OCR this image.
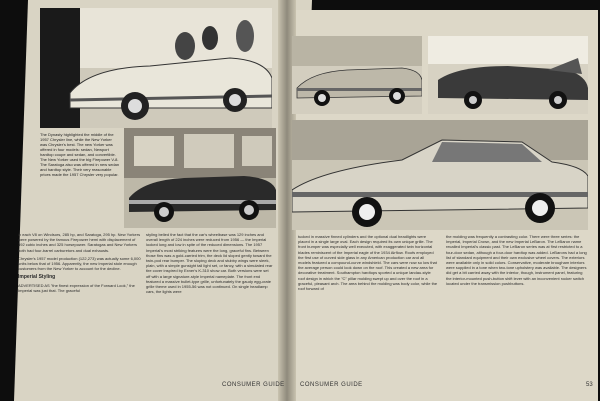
The Dynasty highlighted the middle of the 1957 Chrysler line, while the New Yorker was Chrysler's best. The new Yorker was offered in four models: sedan, Newport hardtop coupe and sedan, and convertible. The New Yorker used the big Firepower V-8. The Saratoga also was offered in new sedan and hardtop style. Their very reasonable prices made the 1957 Chrysler very popular.

in each V8 on Windsors, 285 hp, and Saratoga, 295 hp. New Yorkers were powered by the famous Firepower hemi with displacement of 392 cubic inches and 325 horsepower. Saratogas and New Yorkers both had four-barrel carburetors and dual exhausts.

Chrysler's 1957 model production (122,273) was actually some 6,000 units below that of 1956. Apparently, the new Imperial stole enough customers from the New Yorker to account for the decline.

Imperial Styling

ADVERTISED AS "the finest expression of the Forward Look," the Imperial was just that. The graceful

styling belied the fact that the car's wheelbase was 129 inches and overall length of 224 inches were reduced from 1956 — the Imperial looked long and low in spite of the reduced dimensions. The 1957 Imperial's most striking features were the long, graceful fins. Between those fins was a gold-carried trim, the deck lid sloped gently toward the twin-pod rear bumper. The sloping deck and stubby wings were sleek, plain, with a simple gunsight tail light set, or fancy, with a simulated rear tire cover inspired by Exner's K-310 show car. Both versions were set off with a large signature-style Imperial nameplate. The front end featured a massive bullet-type grille, unfortunately the gaudy egg-crate grille theme used in 1955-56 was not continued. On single headlamp cars, the lights were
tucked in massive finned cylinders and the optional dual headlights were placed in a single large oval. Each design required its own unique grille. The front bumper was especially well executed, with exaggerated twin horizontal blades reminiscent of the Imperial eagle of the 1934 Airflow. Roofs employed the first use of curved side glass in any American production car and all models featured a compound-curve windshield. The cars were now so low that the average person could look down on the roof. This created a new area for decorative treatment. Southampton hardtops sported a unique landau-style roof design in which the "C" pillar molding swept up and over the roof in a graceful, pleasant arch. The area behind the molding was body color, while the roof forward of
the molding was frequently a contrasting color. There were three series: the Imperial, Imperial Crown, and the new Imperial LeBaron. The LeBaron name recalled Imperial's classic past. The LeBaron series was at first restricted to a four-door sedan, although a four-door hardtop was added. LeBarons had a long list of standard equipment and their own exclusive wheel covers. The exteriors were available only in solid colors. Conservative, moderate brougham interiors were supplied in a tone when two-tone upholstery was available. The designers did get a bit carried away with the interior, though, instrument panel, featuring the interior-mounted push-button shift lever with an inconvenient rocker switch located under the transmission pushbuttons.
CONSUMER GUIDE	CONSUMER GUIDE	53
